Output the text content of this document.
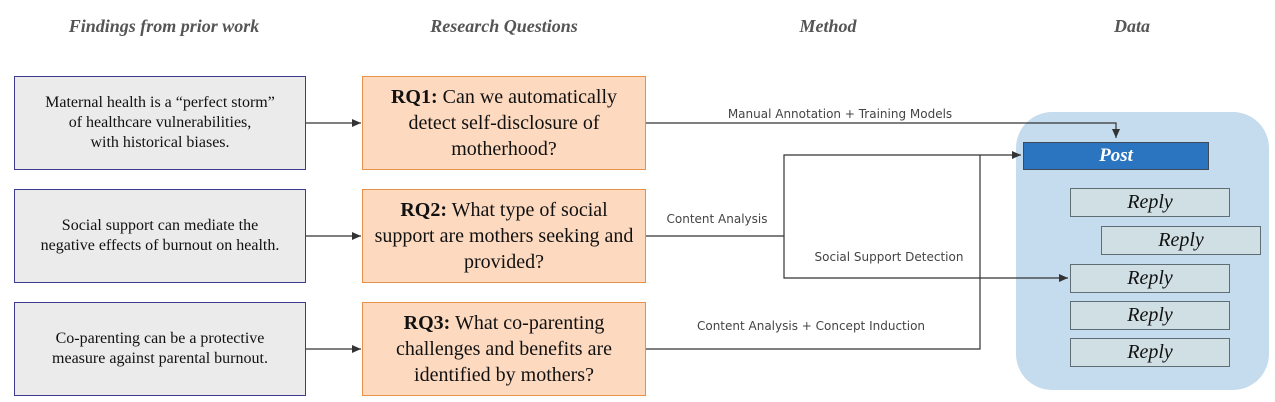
Findings from prior work	Research Questions	Method	Data
Manual Annotation + Training Models
Content Analysis
Social Support Detection
Content Analysis + Concept Induction
Maternal health is a “perfect storm”
of healthcare vulnerabilities,
with historical biases.
Social support can mediate the
negative effects of burnout on health.
Co-parenting can be a protective
measure against parental burnout.
RQ1: Can we automatically detect self-disclosure of motherhood?
RQ2: What type of social support are mothers seeking and provided?
RQ3: What co-parenting challenges and benefits are identified by mothers?
Post
Reply
Reply
Reply
Reply
Reply
